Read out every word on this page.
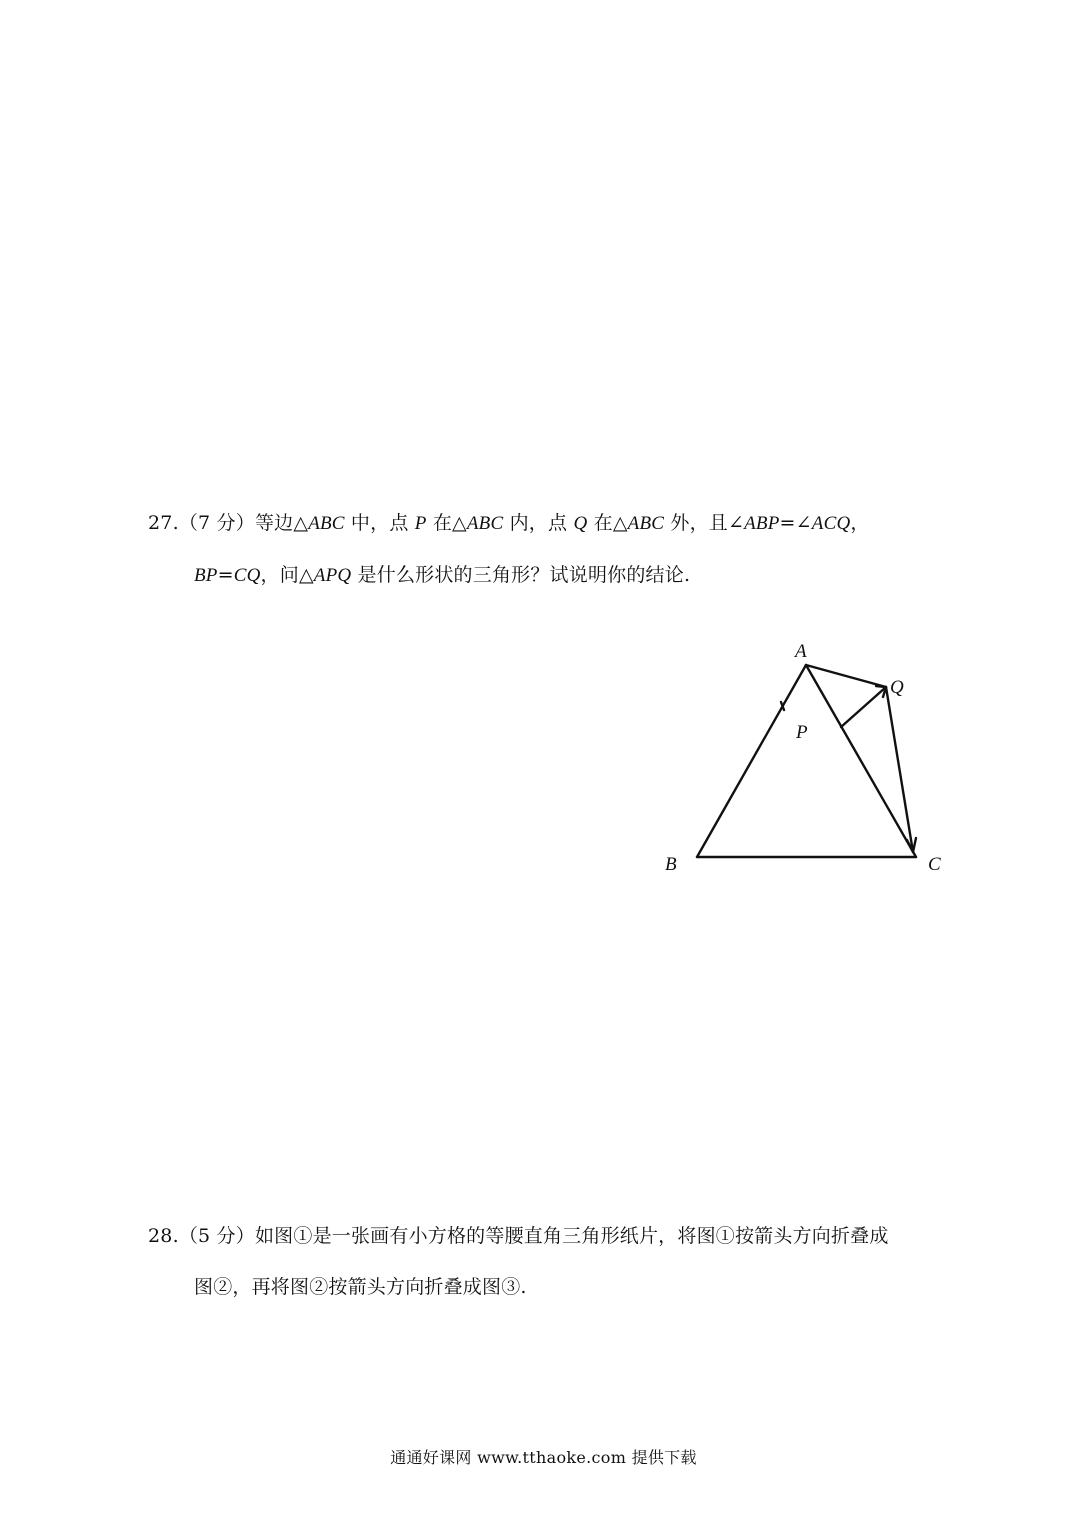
27.（7 分）等边△ABC 中，点 P 在△ABC 内，点 Q 在△ABC 外，且∠ABP=∠ACQ，
BP=CQ，问△APQ 是什么形状的三角形？试说明你的结论.
A
Q
P
B	C
28.（5 分）如图①是一张画有小方格的等腰直角三角形纸片，将图①按箭头方向折叠成
图②，再将图②按箭头方向折叠成图③.
通通好课网 www.tthaoke.com 提供下载
